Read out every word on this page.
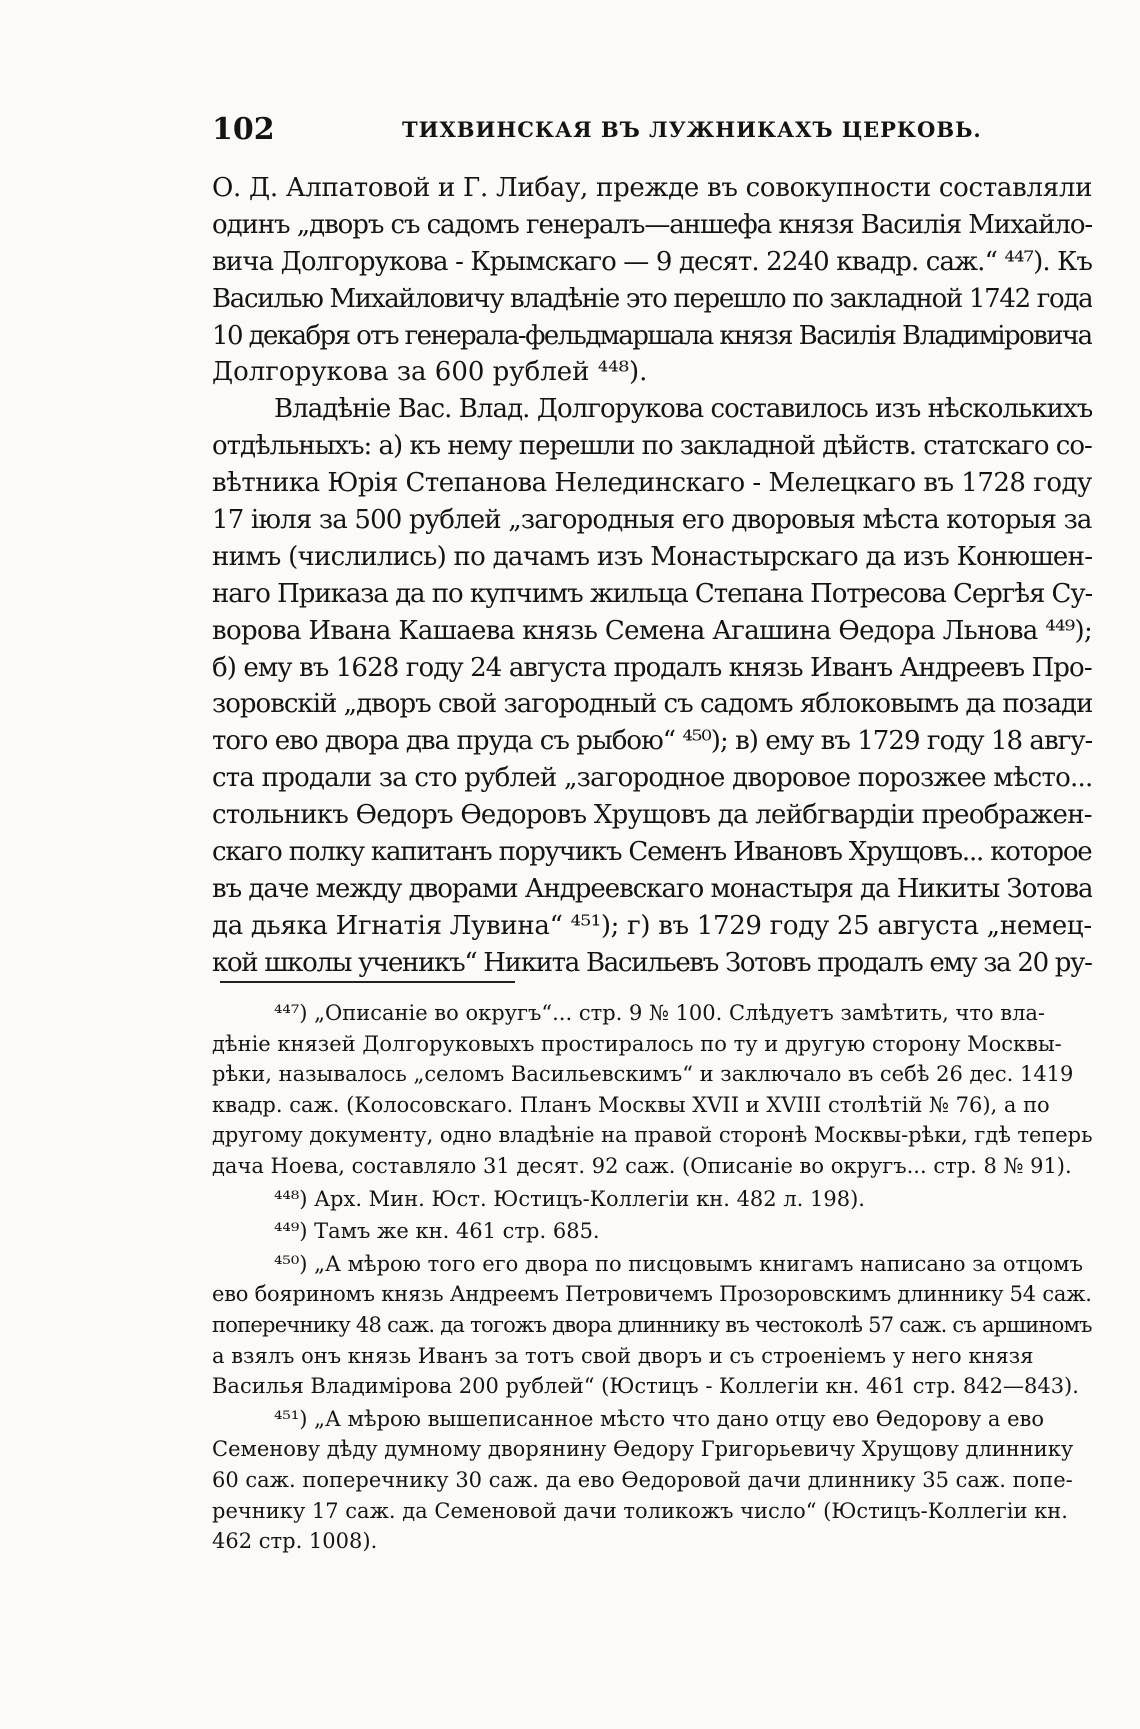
102	ТИХВИНСКАЯ ВЪ ЛУЖНИКАХЪ ЦЕРКОВЬ.
О. Д. Алпатовой и Г. Либау, прежде въ совокупности составляли
одинъ „дворъ съ садомъ генералъ—аншефа князя Василія Михайло-
вича Долгорукова - Крымскаго — 9 десят. 2240 квадр. саж.“ ⁴⁴⁷). Къ
Василью Михайловичу владѣніе это перешло по закладной 1742 года
10 декабря отъ генерала-фельдмаршала князя Василія Владиміровича
Долгорукова за 600 рублей ⁴⁴⁸).
Владѣніе Вас. Влад. Долгорукова составилось изъ нѣсколькихъ
отдѣльныхъ: а) къ нему перешли по закладной дѣйств. статскаго со-
вѣтника Юрія Степанова Нелединскаго - Мелецкаго въ 1728 году
17 іюля за 500 рублей „загородныя его дворовыя мѣста которыя за
нимъ (числились) по дачамъ изъ Монастырскаго да изъ Конюшен-
наго Приказа да по купчимъ жильца Степана Потресова Сергѣя Су-
ворова Ивана Кашаева князь Семена Агашина Ѳедора Льнова ⁴⁴⁹);
б) ему въ 1628 году 24 августа продалъ князь Иванъ Андреевъ Про-
зоровскій „дворъ свой загородный съ садомъ яблоковымъ да позади
того ево двора два пруда съ рыбою“ ⁴⁵⁰); в) ему въ 1729 году 18 авгу-
ста продали за сто рублей „загородное дворовое порозжее мѣсто...
стольникъ Ѳедоръ Ѳедоровъ Хрущовъ да лейбгвардіи преображен-
скаго полку капитанъ поручикъ Семенъ Ивановъ Хрущовъ... которое
въ даче между дворами Андреевскаго монастыря да Никиты Зотова
да дьяка Игнатія Лувина“ ⁴⁵¹); г) въ 1729 году 25 августа „немец-
кой школы ученикъ“ Никита Васильевъ Зотовъ продалъ ему за 20 ру-
⁴⁴⁷) „Описаніе во округъ“... стр. 9 № 100. Слѣдуетъ замѣтить, что вла-
дѣніе князей Долгоруковыхъ простиралось по ту и другую сторону Москвы-
рѣки, называлось „селомъ Васильевскимъ“ и заключало въ себѣ 26 дес. 1419
квадр. саж. (Колосовскаго. Планъ Москвы XVII и XVIII столѣтій № 76), а по
другому документу, одно владѣніе на правой сторонѣ Москвы-рѣки, гдѣ теперь
дача Ноева, составляло 31 десят. 92 саж. (Описаніе во округъ... стр. 8 № 91).
⁴⁴⁸) Арх. Мин. Юст. Юстицъ-Коллегіи кн. 482 л. 198).
⁴⁴⁹) Тамъ же кн. 461 стр. 685.
⁴⁵⁰) „А мѣрою того его двора по писцовымъ книгамъ написано за отцомъ
ево бояриномъ князь Андреемъ Петровичемъ Прозоровскимъ длиннику 54 саж.
поперечнику 48 саж. да тогожъ двора длиннику въ честоколѣ 57 саж. съ аршиномъ
а взялъ онъ князь Иванъ за тотъ свой дворъ и съ строеніемъ у него князя
Василья Владимірова 200 рублей“ (Юстицъ - Коллегіи кн. 461 стр. 842—843).
⁴⁵¹) „А мѣрою вышеписанное мѣсто что дано отцу ево Ѳедорову а ево
Семенову дѣду думному дворянину Ѳедору Григорьевичу Хрущову длиннику
60 саж. поперечнику 30 саж. да ево Ѳедоровой дачи длиннику 35 саж. попе-
речнику 17 саж. да Семеновой дачи толикожъ число“ (Юстицъ-Коллегіи кн.
462 стр. 1008).
